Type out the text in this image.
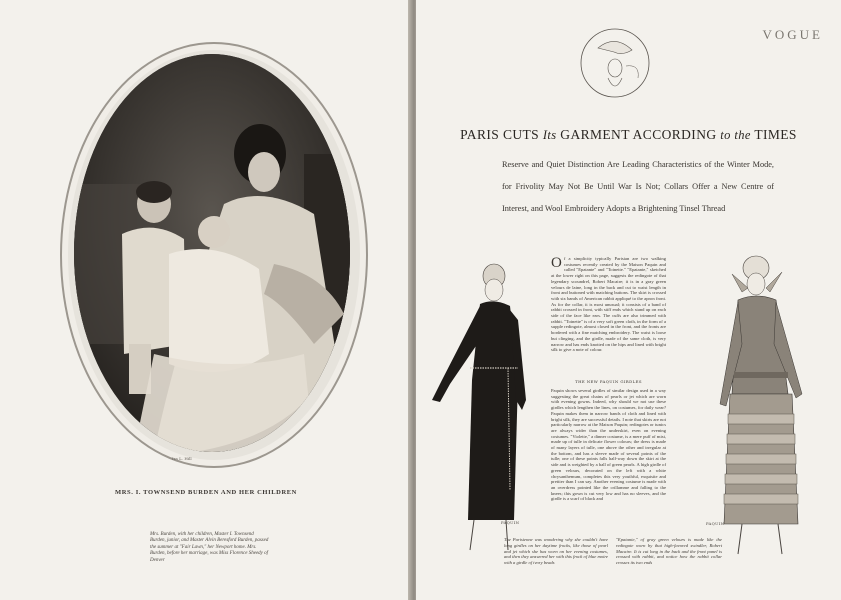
Ira L. Hill
MRS. I. TOWNSEND BURDEN AND HER CHILDREN
Mrs. Burden, with her children, Master I. Townsend Burden, junior, and Master Alvin Beresford Burden, passed the summer at "Fair Lawn," her Newport home. Mrs. Burden, before her marriage, was Miss Florence Sheedy of Denver
VOGUE
PARIS CUTS Its GARMENT ACCORDING to the TIMES
Reserve and Quiet Distinction Are Leading Characteristics of the Winter Mode, for Frivolity May Not Be Until War Is Not; Collars Offer a New Centre of Interest, and Wool Embroidery Adopts a Brightening Tinsel Thread
PAQUIN	PAQUIN
Of a simplicity typically Parisian are two walking costumes recently created by the Maison Paquin and called "Epatante" and "Toinette." "Epatante," sketched at the lower right on this page, suggests the redingote of that legendary scoundrel, Robert Macaire; it is in a gray green velours de laine, long in the back and cut to waist length in front and buttoned with matching buttons. The skirt is crossed with six bands of American rabbit appliqué to the apron front. As for the collar, it is most unusual; it consists of a band of rabbit crossed in front, with stiff ends which stand up on each side of the face like ears. The cuffs are also trimmed with rabbit. "Toinette" is of a very soft green cloth, in the form of a supple redingote, almost closed in the front, and the fronts are bordered with a fine matching embroidery. The waist is loose but clinging, and the girdle, made of the same cloth, is very narrow and has ends knotted on the hips and lined with bright silk to give a note of colour.
THE NEW PAQUIN GIRDLES
Paquin shows several girdles of similar design used in a way suggesting the great chains of pearls or jet which are worn with evening gowns. Indeed, why should we not use these girdles which lengthen the lines, on costumes, for daily wear? Paquin makes them in narrow bands of cloth and lined with bright silk, they are successful details. I note that skirts are not particularly narrow at the Maison Paquin; redingotes or tunics are always wider than the underskirt, even on evening costumes. "Violette," a dinner costume, is a mere puff of mist, made up of tulle in delicate flower colours; the dress is made of many layers of tulle, one above the other and irregular at the bottom, and has a sleeve made of several points of the tulle; one of these points falls half-way down the skirt at the side and is weighted by a ball of green pearls. A high girdle of green velours, decorated on the left with a white chrysanthemum, completes this very youthful, exquisite and prettier than I can say. Another evening costume is made with an overdress pointed like the crillamme and falling to the knees; this gown is cut very low and has no sleeves, and the girdle is a scarf of black and
The Parisienne was wondering why she couldn't have long girdles on her daytime frocks, like those of pearl and jet which she has worn on her evening costumes, and then they answered her with this frock of blue moire with a girdle of ivory beads
"Epatante," of gray green velours is made like the redingote worn by that high-favored swindler, Robert Macaire. It is cut long in the back and the front panel is crossed with rabbit, and notice how the rabbit collar crosses its two ends
